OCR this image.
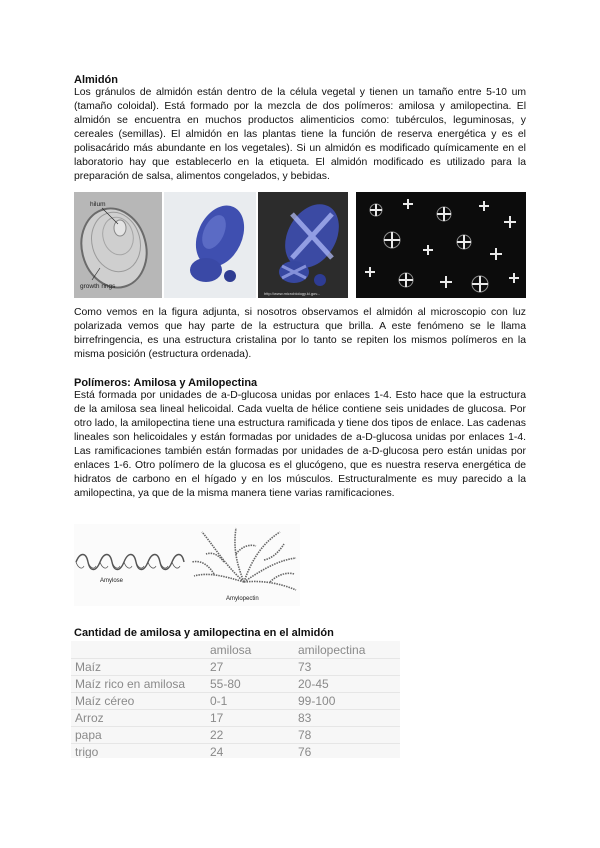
Almidón

Los gránulos de almidón están dentro de la célula vegetal y tienen un tamaño entre 5-10 um (tamaño coloidal). Está formado por la mezcla de dos polímeros: amilosa y amilopectina. El almidón se encuentra en muchos productos alimenticios como: tubérculos, leguminosas, y cereales (semillas). El almidón en las plantas tiene la función de reserva energética y es el polisacárido más abundante en los vegetales). Si un almidón es modificado químicamente en el laboratorio hay que establecerlo en la etiqueta. El almidón modificado es utilizado para la preparación de salsa, alimentos congelados, y bebidas.

hilum
growth rings
http://www.microbiology.ki.gov...

Como vemos en la figura adjunta, si nosotros observamos el almidón al microscopio con luz polarizada vemos que hay parte de la estructura que brilla. A este fenómeno se le llama birrefringencia, es una estructura cristalina por lo tanto se repiten los mismos polímeros en la misma posición (estructura ordenada).

Polímeros: Amilosa y Amilopectina

Está formada por unidades de a-D-glucosa unidas por enlaces 1-4. Esto hace que la estructura de la amilosa sea lineal helicoidal. Cada vuelta de hélice contiene seis unidades de glucosa. Por otro lado, la amilopectina tiene una estructura ramificada y tiene dos tipos de enlace. Las cadenas lineales son helicoidales y están formadas por unidades de a-D-glucosa unidas por enlaces 1-4. Las ramificaciones también están formadas por unidades de a-D-glucosa pero están unidas por enlaces 1-6. Otro polímero de la glucosa es el glucógeno, que es nuestra reserva energética de hidratos de carbono en el hígado y en los músculos. Estructuralmente es muy parecido a la amilopectina, ya que de la misma manera tiene varias ramificaciones.

Amylose
Amylopectin
Cantidad de amilosa y amilopectina en el almidón
	amilosa	amilopectina
Maíz	27	73
Maíz rico en amilosa	55-80	20-45
Maíz céreo	0-1	99-100
Arroz	17	83
papa	22	78
trigo	24	76
